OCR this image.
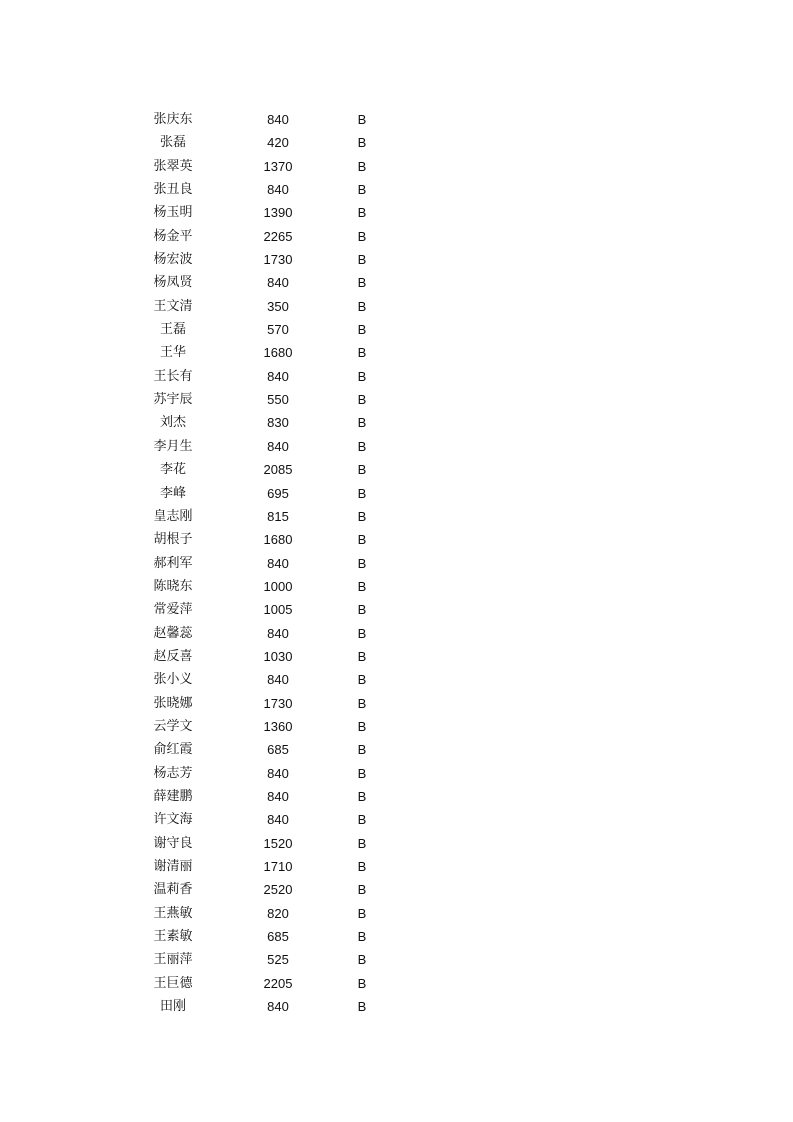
张庆东	840	B
张磊	420	B
张翠英	1370	B
张丑良	840	B
杨玉明	1390	B
杨金平	2265	B
杨宏波	1730	B
杨凤贤	840	B
王文清	350	B
王磊	570	B
王华	1680	B
王长有	840	B
苏宇辰	550	B
刘杰	830	B
李月生	840	B
李花	2085	B
李峰	695	B
皇志刚	815	B
胡根子	1680	B
郝利军	840	B
陈晓东	1000	B
常爱萍	1005	B
赵馨蕊	840	B
赵反喜	1030	B
张小义	840	B
张晓娜	1730	B
云学文	1360	B
俞红霞	685	B
杨志芳	840	B
薛建鹏	840	B
许文海	840	B
谢守良	1520	B
谢清丽	1710	B
温莉香	2520	B
王燕敏	820	B
王素敏	685	B
王丽萍	525	B
王巨德	2205	B
田刚	840	B
